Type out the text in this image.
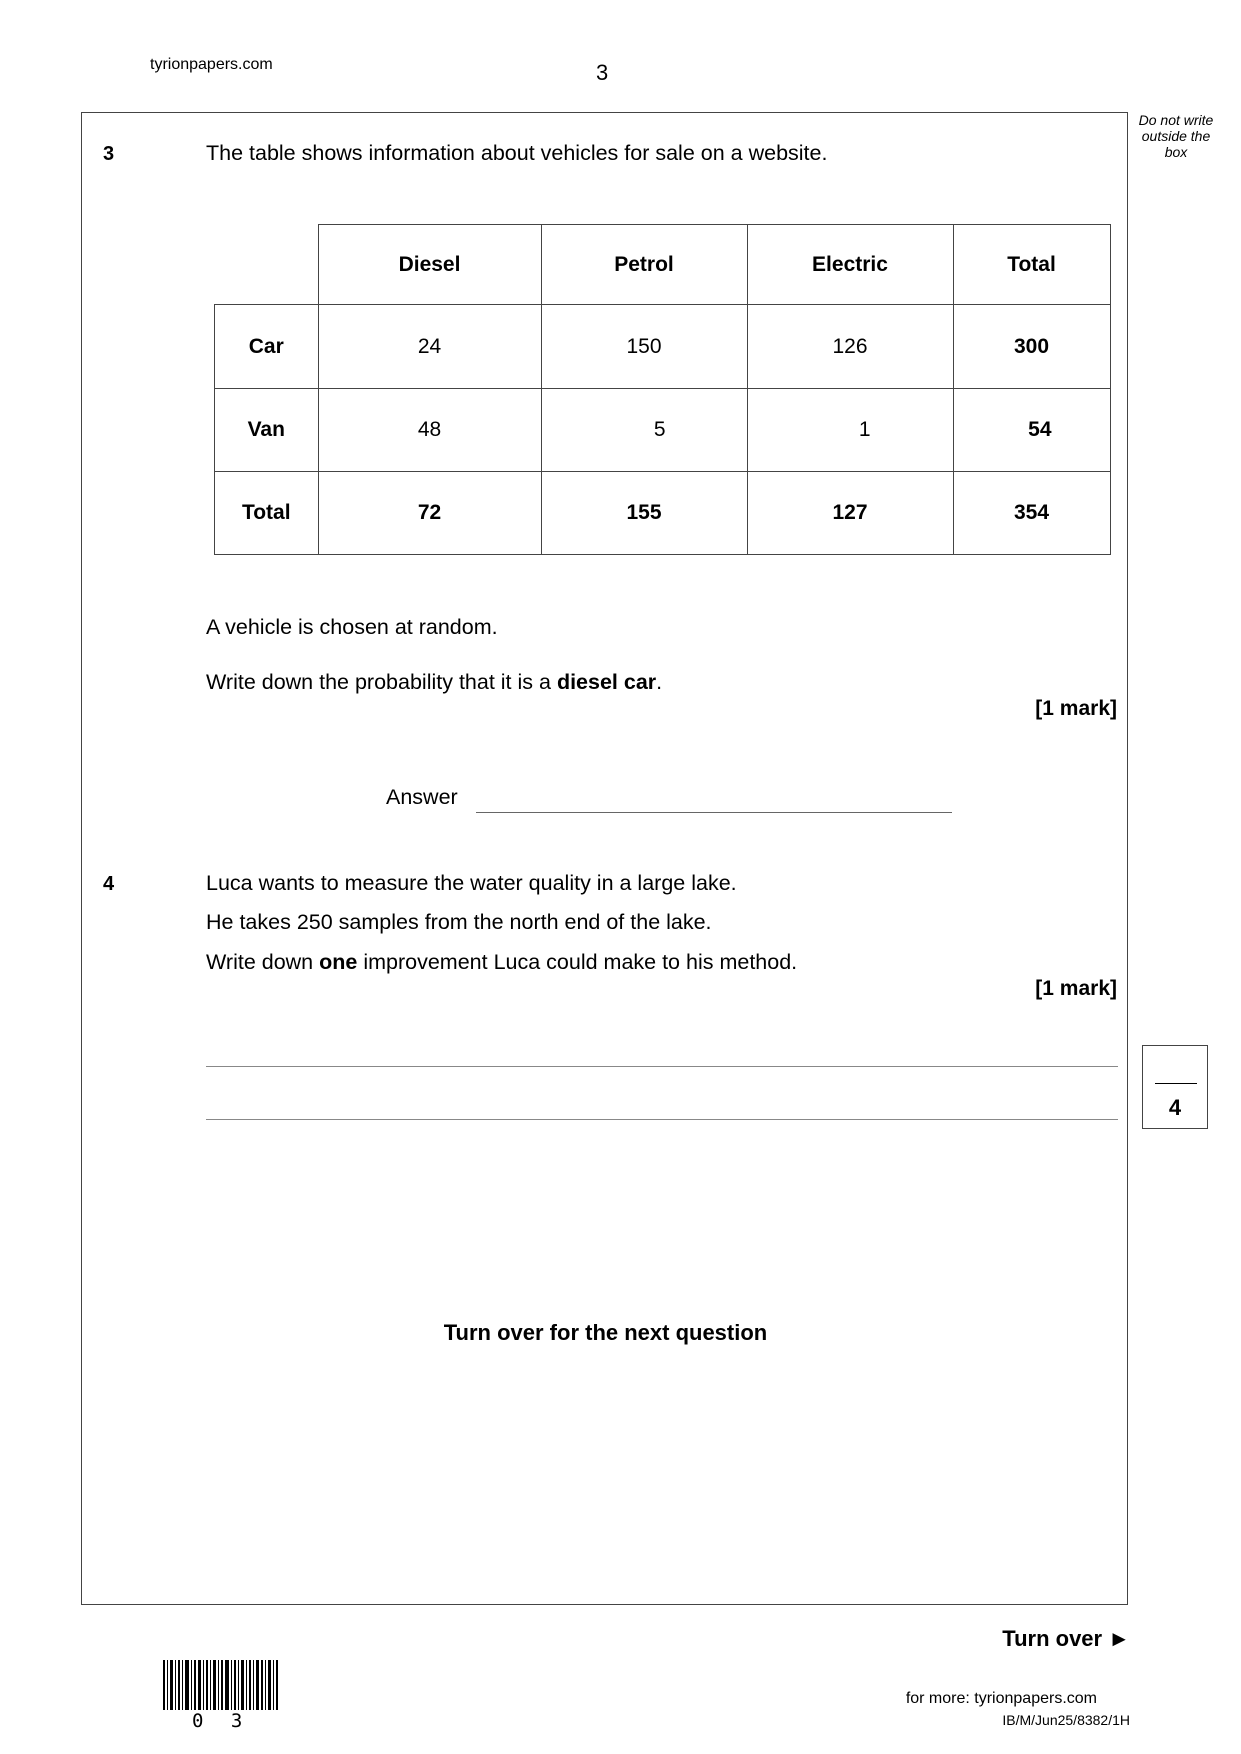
tyrionpapers.com	3
Do not write
outside the
box
3	The table shows information about vehicles for sale on a website.
	Diesel	Petrol	Electric	Total
Car	24	150	126	300
Van	48	5	1	54
Total	72	155	127	354
A vehicle is chosen at random.
Write down the probability that it is a diesel car.
[1 mark]
Answer
4	Luca wants to measure the water quality in a large lake.
He takes 250 samples from the north end of the lake.
Write down one improvement Luca could make to his method.
[1 mark]
4
Turn over for the next question
Turn over ►
0 3
for more: tyrionpapers.com
IB/M/Jun25/8382/1H
